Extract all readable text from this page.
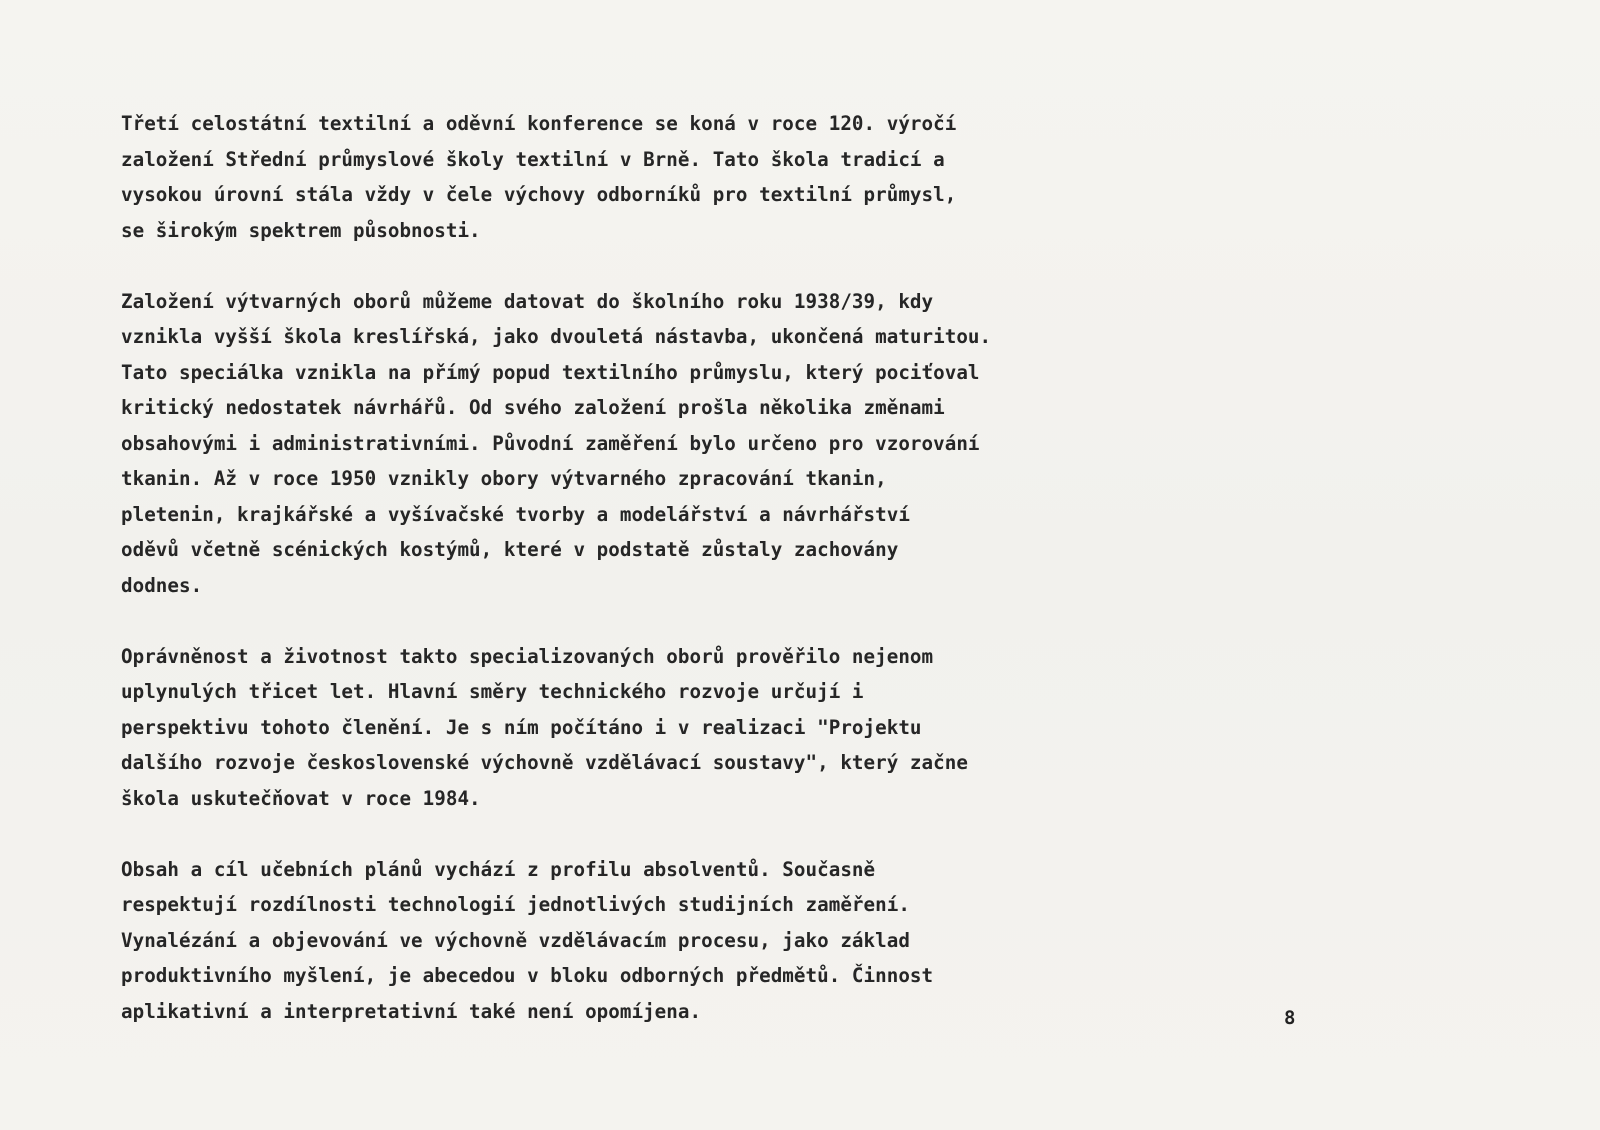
Třetí celostátní textilní a oděvní konference se koná v roce 120. výročí
založení Střední průmyslové školy textilní v Brně. Tato škola tradicí a
vysokou úrovní stála vždy v čele výchovy odborníků pro textilní průmysl,
se širokým spektrem působnosti.
Založení výtvarných oborů můžeme datovat do školního roku 1938/39, kdy
vznikla vyšší škola kreslířská, jako dvouletá nástavba, ukončená maturitou.
Tato speciálka vznikla na přímý popud textilního průmyslu, který pociťoval
kritický nedostatek návrhářů. Od svého založení prošla několika změnami
obsahovými i administrativními. Původní zaměření bylo určeno pro vzorování
tkanin. Až v roce 1950 vznikly obory výtvarného zpracování tkanin,
pletenin, krajkářské a vyšívačské tvorby a modelářství a návrhářství
oděvů včetně scénických kostýmů, které v podstatě zůstaly zachovány
dodnes.
Oprávněnost a životnost takto specializovaných oborů prověřilo nejenom
uplynulých třicet let. Hlavní směry technického rozvoje určují i
perspektivu tohoto členění. Je s ním počítáno i v realizaci "Projektu
dalšího rozvoje československé výchovně vzdělávací soustavy", který začne
škola uskutečňovat v roce 1984.
Obsah a cíl učebních plánů vychází z profilu absolventů. Současně
respektují rozdílnosti technologií jednotlivých studijních zaměření.
Vynalézání a objevování ve výchovně vzdělávacím procesu, jako základ
produktivního myšlení, je abecedou v bloku odborných předmětů. Činnost
aplikativní a interpretativní také není opomíjena.	8
